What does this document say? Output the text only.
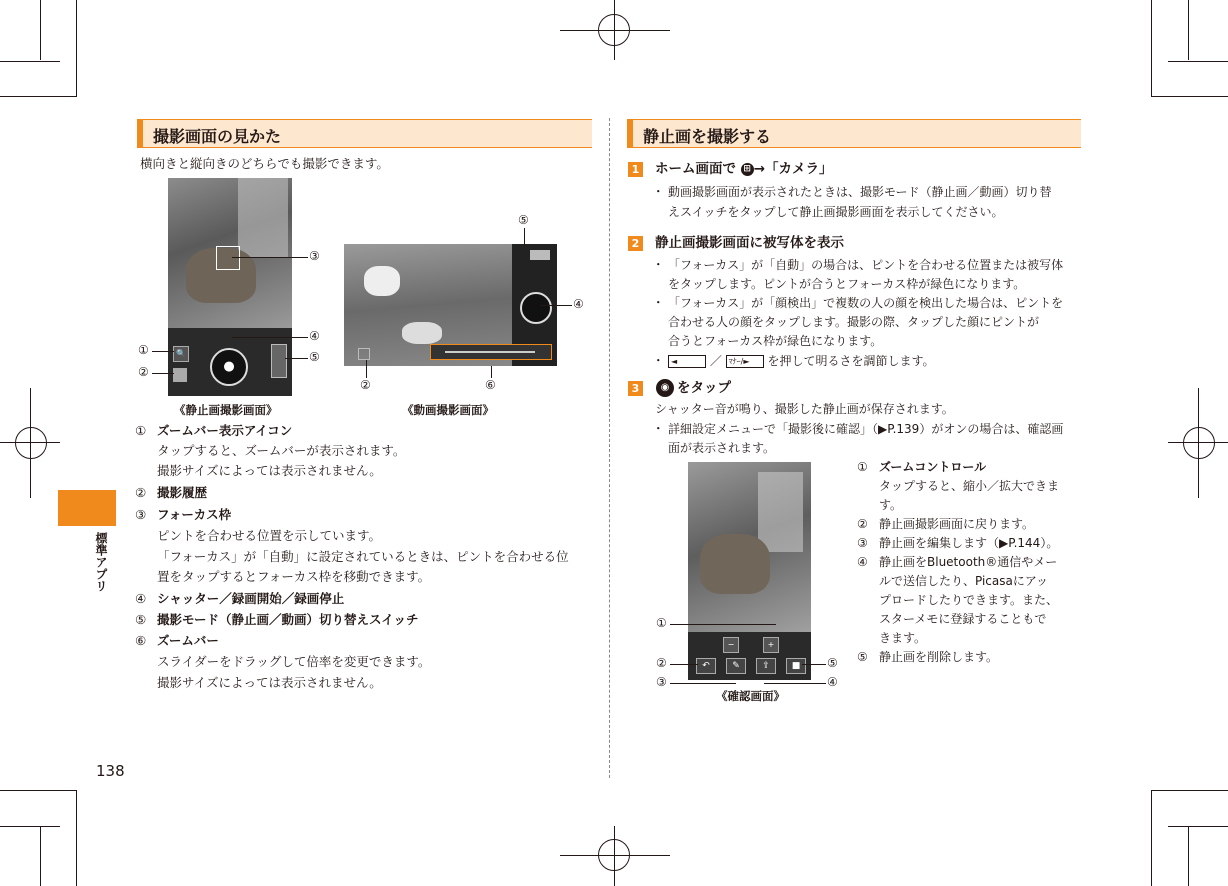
標準アプリ
138
撮影画面の見かた
横向きと縦向きのどちらでも撮影できます。
🔍
●
①
②
③
④
⑤
⑤
④
②	⑥
《静止画撮影画面》	《動画撮影画面》
① ズームバー表示アイコン
タップすると、ズームバーが表示されます。
撮影サイズによっては表示されません。
② 撮影履歴
③ フォーカス枠
ピントを合わせる位置を示しています。
「フォーカス」が「自動」に設定されているときは、ピントを合わせる位
置をタップするとフォーカス枠を移動できます。
④ シャッター／録画開始／録画停止
⑤ 撮影モード（静止画／動画）切り替えスイッチ
⑥ ズームバー
スライダーをドラッグして倍率を変更できます。
撮影サイズによっては表示されません。
静止画を撮影する
1 ホーム画面で ⊞ →「カメラ」
・ 動画撮影画面が表示されたときは、撮影モード（静止画／動画）切り替
えスイッチをタップして静止画撮影画面を表示してください。
2 静止画撮影画面に被写体を表示
・ 「フォーカス」が「自動」の場合は、ピントを合わせる位置または被写体
をタップします。ピントが合うとフォーカス枠が緑色になります。
・ 「フォーカス」が「顔検出」で複数の人の顔を検出した場合は、ピントを
合わせる人の顔をタップします。撮影の際、タップした顔にピントが
合うとフォーカス枠が緑色になります。
・ ◄	／ ﾏﾅｰ/► を押して明るさを調節します。
3	◉ をタップ
シャッター音が鳴り、撮影した静止画が保存されます。
・ 詳細設定メニューで「撮影後に確認」（▶P.139）がオンの場合は、確認画
面が表示されます。
−	+
↶	✎	⇪	■
①
②
③
⑤
④
《確認画面》
① ズームコントロール
タップすると、縮小／拡大できま
す。
② 静止画撮影画面に戻ります。
③ 静止画を編集します（▶P.144）。
④ 静止画をBluetooth®通信やメー
ルで送信したり、Picasaにアッ
プロードしたりできます。また、
スターメモに登録することもで
きます。
⑤ 静止画を削除します。
